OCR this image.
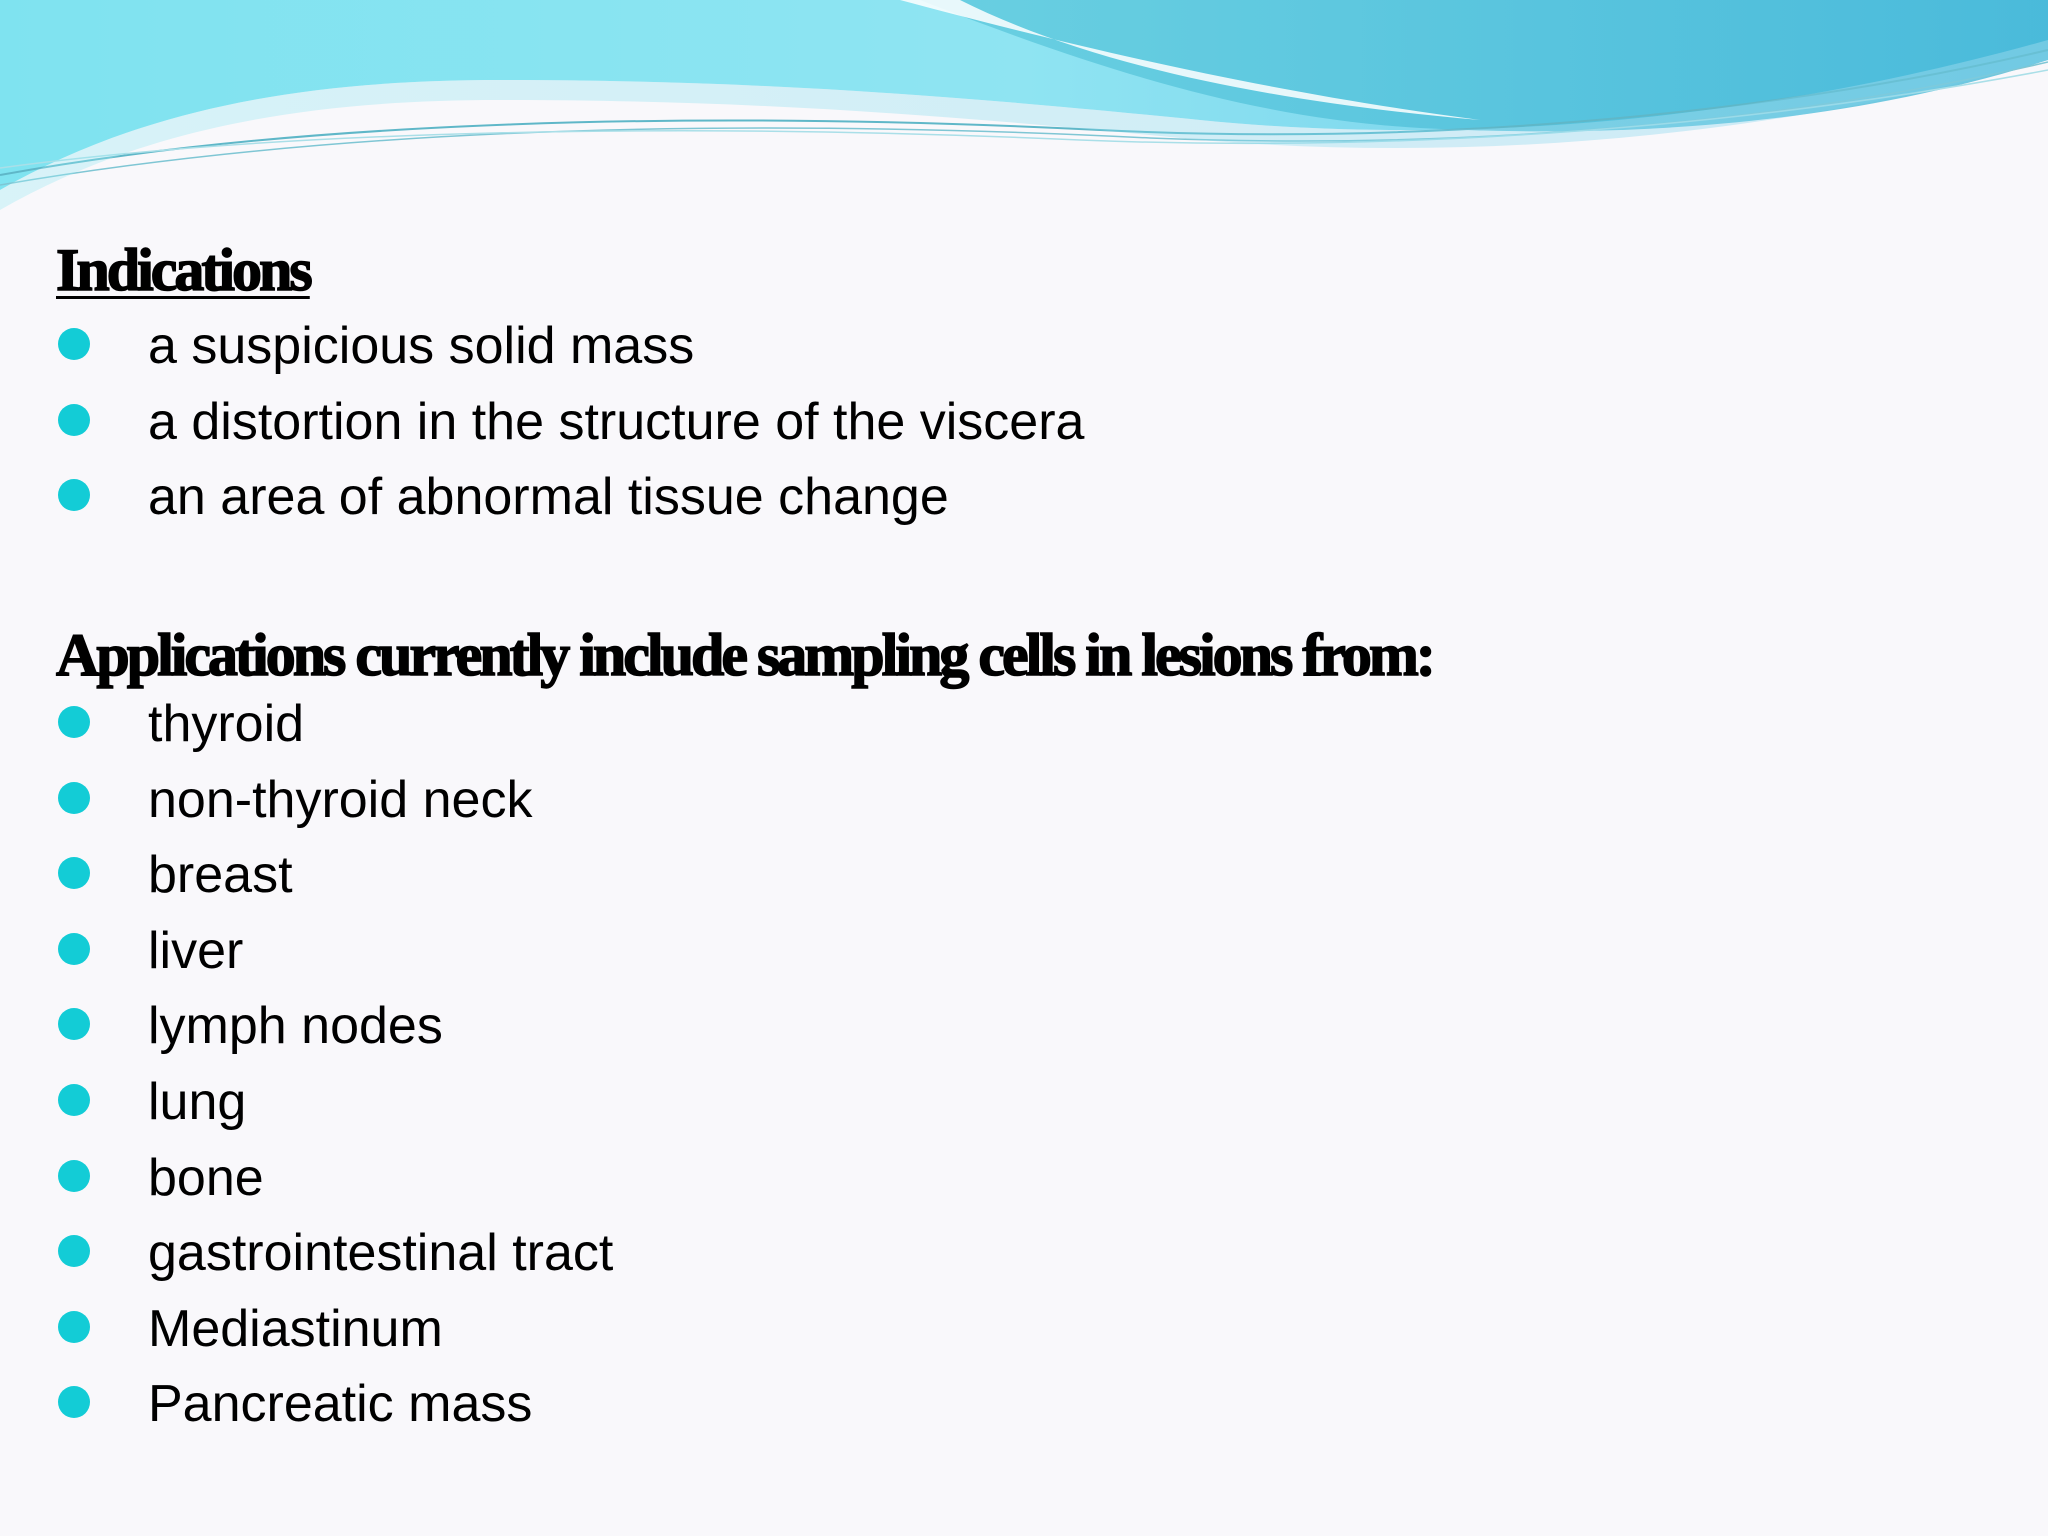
Indications
a suspicious solid mass
a distortion in the structure of the viscera
an area of abnormal tissue change
Applications currently include sampling cells in lesions from:
thyroid
non-thyroid neck
breast
liver
lymph nodes
lung
bone
gastrointestinal tract
Mediastinum
Pancreatic mass
